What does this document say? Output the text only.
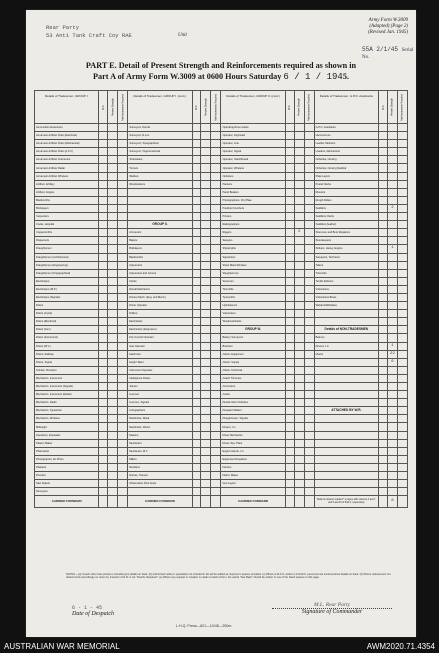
Rear Party
53 Anti Tank Craft Coy RAE	Unit
Army Form W.3009
(Adapted) (Page 2)
(Revised Jan. 1945)
55A 2/1/45 Serial No.
PART E. Detail of Present Strength and Reinforcements required as shown in
Part A of Army Form W.3009 at 0600 Hours Saturday 6 / 1 / 1945.
Details of Tradesmen. GROUP I.	W.R.	Present Strength	Reinforcements Required	Details of Tradesmen. GROUP I. (cont.)	W.R.	Present Strength	Reinforcements Required	Details of Tradesmen. GROUP II. (cont.)	W.R.	Present Strength	Reinforcements Required	Details of Tradesmen. G.P.O. Assistants	W.R.	Present Strength	Reinforcements Required
Ammunition Examiners				Surveyors, Dental				Operating Room Assts.				G.P.O. Assistants			
Armament Artificer Fitter (Electrical)				Surveyors, R.A.A.				Operator, Keyboard				Hammermen			
Armament Artificer Fitter (Mechanical)				Surveyors, Topographical				Operator, Line				Leather Stitchers			
Armament Artificer Fitter (A.F.V.)				Surveyors, Trigonometrical				Operator, Signal				Loaders, Mechanical			
Armament Artificer Instrument				Toolmakers				Operator, Switchboard				Orderlies, Nursing			
Armament Artificer Radar				Turners				Operator, Wireless				Orderlies, Nursing Medical			
Armament Artificer Wireless				Welders				Opticians				Plate Layers			
Artificer, Artillery				Woodworkers				Painters				Postal Clerks			
Artificer, Engine								Panel Beaters				Riveters			
Blacksmiths								Photographers, Dry Plate				Rough Riders			
Bricklayers								Predictor Numbers				Saddlers		2	
Carpenters								Printers				Saddlers Clerks			
Cooks, Hospital				GROUP II.				Radiographers				Saddlers (leather)			
Coppersmiths				Armourers				Riggers		2		Storemen and Boot Repairers			
Dispensers				Bakers				Sawyers				Storekeepers			
Draughtsmen				Bricklayers				Shipwrights				Strikers, Heavy, Engine		1	
Draughtsmen (Architectural)				Blacksmiths				Signwriters				Sweepers, Technical			
Draughtsmen (Engineering)				Carpenters				Sheet Metal Workers				Tailors			
Draughtsmen (Topographical)				Carpenters and Joiners				Slaughtermen				Tinsmiths			
Electricians				Clerks				Storemen				Textile Refiners			
Electricians (M.P.)				Dental Mechanics				Tinsmiths				Vulcanisers			
Electricians (Signals)				Drivers-Mech. (Eng. and Mech.)				Tyresmiths				Vulcanisers Brass			
Fitters				Driver Operator				Upholsterers				Welders/Weldwise			
Fitters (Cycle)				Drillers				Vulcanisers							
Fitters (Electrical)				Electricians				Woodmachinists							
Fitters (Gun)				Electricians (Engineers)				GROUP III.				Details of NON-TRADESMEN			
Fitters (Instrument)				Fire Control Operator				Battery Surveyors				Batmen			
Fitters (M.V.)				Gas Operator				Butchers				Drivers, I.C.		1	
Fitters, Railway				Hatchmen				Clerks, Equipment				Clerks		22	
Fitters, Signal				Height Taker				Clerks, Supply						6	
Grinder, Precision				Instrument Operator				Clerks, Technical							
Mechanics, Instrument				Intelligence Duties				Coach Trimmers							
Mechanics, Instrument (Signals)				Joiners				Concreters							
Mechanics, Instrument (Radar)				Linemen				Cooks							
Mechanics, Radio				Linemen, Signals				Dental Clerk Orderlies							
Mechanics, Typewriter				Lithographers				Despatch Riders				ATTACHED BY W.R.			
Mechanics, Wireless				Machinists, Metal				Draughtsmen, Signals							
Millwright				Machinists, Wood				Drivers, I.C.							
Operators, Excavator				Masons				Driver Mechanics							
Pattern Maker				Mechanics				Driver Ops. Plant							
Pharmacist				Mechanics, M.T.				Engine Hands, I.C.							
Photographer, Air Photo				Millers				Equipment Repairers							
Plasterer				Moulders				Farriers							
Plumber				Nurses, Trained				Fitters' Mates							
Saw Setters				Observation Post Assts.				Gun Layers							
Surveyors															
CARRIED FORWARD				CARRIED FORWARD				CARRIED FORWARD				Totals of columns marked * to agree with columns 4 and 7, and 5 and 16 of Part A. respectively		8	
NOTES.—(a) If each other than private is included give details on back. (b) Authorized ranks or specialists not included in list will be added as required in spaces provided. (c) Where A.W.A.S. and/or A.A.M.W.S. personnel are involved show details on back. (d) Where replacement not desired units accordingly on return by insertion of N.R. in col. "Reinfs. Required". (e) Where any request or notation is made on back of form, the words "See Back" should be written in one of the blank spaces on this page.
6 - 1 - 45
Date of Despatch
M.L. Rear Party
Signature of Commander
L.H.Q. Press—621—10/45—250m.
AUSTRALIAN WAR MEMORIAL	AWM2020.71.4354
